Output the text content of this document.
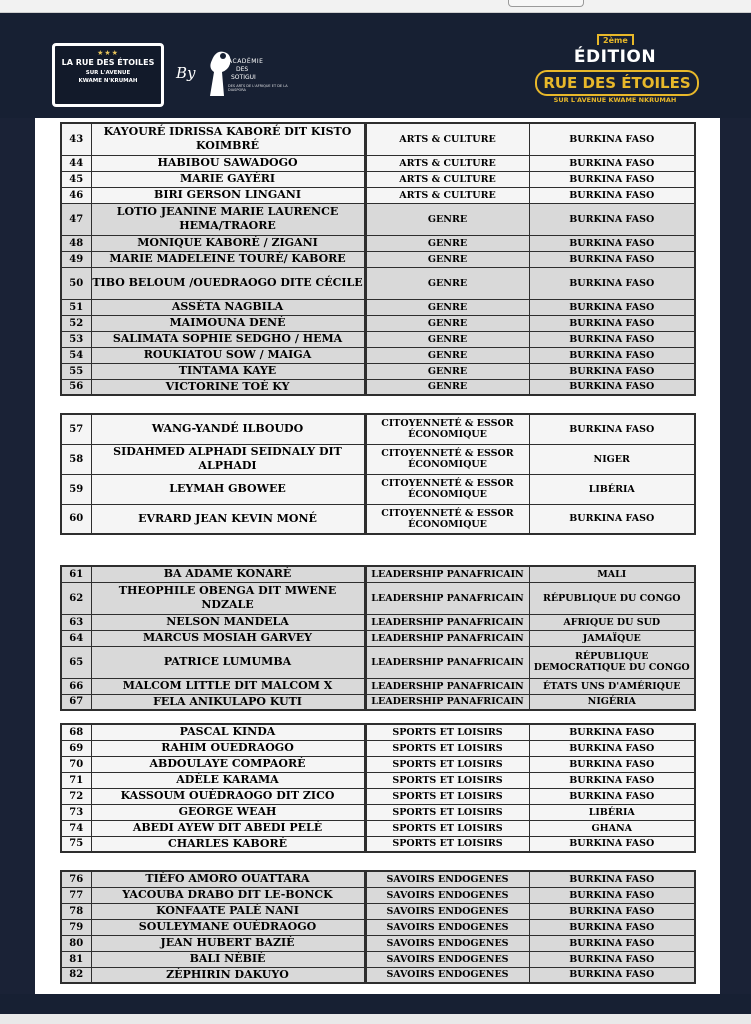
★★★
LA RUE DES ÉTOILES
SUR L'AVENUE
KWAME N'KRUMAH	By
ACADÉMIE
DES
SOTIGUI
DES ARTS DE L'AFRIQUE ET DE LA DIASPORA
2ème
ÉDITION
RUE DES ÉTOILES
SUR L'AVENUE KWAME NKRUMAH
43	KAYOURÉ IDRISSA KABORÉ DIT KISTO KOIMBRÉ	ARTS & CULTURE	BURKINA FASO
44	HABIBOU SAWADOGO	ARTS & CULTURE	BURKINA FASO
45	MARIE GAYÉRI	ARTS & CULTURE	BURKINA FASO
46	BIRI GERSON LINGANI	ARTS & CULTURE	BURKINA FASO
47	LOTIO JEANINE MARIE LAURENCE HEMA/TRAORE	GENRE	BURKINA FASO
48	MONIQUE KABORÉ / ZIGANI	GENRE	BURKINA FASO
49	MARIE MADELEINE TOURÉ/ KABORE	GENRE	BURKINA FASO
50	TIBO BELOUM /OUEDRAOGO DITE CÉCILE	GENRE	BURKINA FASO
51	ASSÉTA NAGBILA	GENRE	BURKINA FASO
52	MAIMOUNA DENÉ	GENRE	BURKINA FASO
53	SALIMATA SOPHIE SEDGHO / HEMA	GENRE	BURKINA FASO
54	ROUKIATOU SOW / MAIGA	GENRE	BURKINA FASO
55	TINTAMA KAYE	GENRE	BURKINA FASO
56	VICTORINE TOÉ KY	GENRE	BURKINA FASO
57	WANG-YANDÉ ILBOUDO	CITOYENNETÉ & ESSOR ÉCONOMIQUE	BURKINA FASO
58	SIDAHMED ALPHADI SEIDNALY DIT ALPHADI	CITOYENNETÉ & ESSOR ÉCONOMIQUE	NIGER
59	LEYMAH GBOWEE	CITOYENNETÉ & ESSOR ÉCONOMIQUE	LIBÉRIA
60	EVRARD JEAN KEVIN MONÉ	CITOYENNETÉ & ESSOR ÉCONOMIQUE	BURKINA FASO
61	BA ADAME KONARÉ	LEADERSHIP PANAFRICAIN	MALI
62	THEOPHILE OBENGA DIT MWENE NDZALE	LEADERSHIP PANAFRICAIN	RÉPUBLIQUE DU CONGO
63	NELSON MANDELA	LEADERSHIP PANAFRICAIN	AFRIQUE DU SUD
64	MARCUS MOSIAH GARVEY	LEADERSHIP PANAFRICAIN	JAMAÏQUE
65	PATRICE LUMUMBA	LEADERSHIP PANAFRICAIN	RÉPUBLIQUE DEMOCRATIQUE DU CONGO
66	MALCOM LITTLE DIT MALCOM X	LEADERSHIP PANAFRICAIN	ÉTATS UNS D'AMÉRIQUE
67	FELA ANIKULAPO KUTI	LEADERSHIP PANAFRICAIN	NIGÉRIA
68	PASCAL KINDA	SPORTS ET LOISIRS	BURKINA FASO
69	RAHIM OUEDRAOGO	SPORTS ET LOISIRS	BURKINA FASO
70	ABDOULAYE COMPAORÉ	SPORTS ET LOISIRS	BURKINA FASO
71	ADÈLE KARAMA	SPORTS ET LOISIRS	BURKINA FASO
72	KASSOUM OUÉDRAOGO DIT ZICO	SPORTS ET LOISIRS	BURKINA FASO
73	GEORGE WEAH	SPORTS ET LOISIRS	LIBÉRIA
74	ABEDI AYEW DIT ABEDI PELÉ	SPORTS ET LOISIRS	GHANA
75	CHARLES KABORÉ	SPORTS ET LOISIRS	BURKINA FASO
76	TIÉFO AMORO OUATTARA	SAVOIRS ENDOGENES	BURKINA FASO
77	YACOUBA DRABO DIT LE-BONCK	SAVOIRS ENDOGENES	BURKINA FASO
78	KONFAATE PALÉ NANI	SAVOIRS ENDOGENES	BURKINA FASO
79	SOULEYMANE OUÉDRAOGO	SAVOIRS ENDOGENES	BURKINA FASO
80	JEAN HUBERT BAZIÉ	SAVOIRS ENDOGENES	BURKINA FASO
81	BALI NÉBIÉ	SAVOIRS ENDOGENES	BURKINA FASO
82	ZÉPHIRIN DAKUYO	SAVOIRS ENDOGENES	BURKINA FASO
